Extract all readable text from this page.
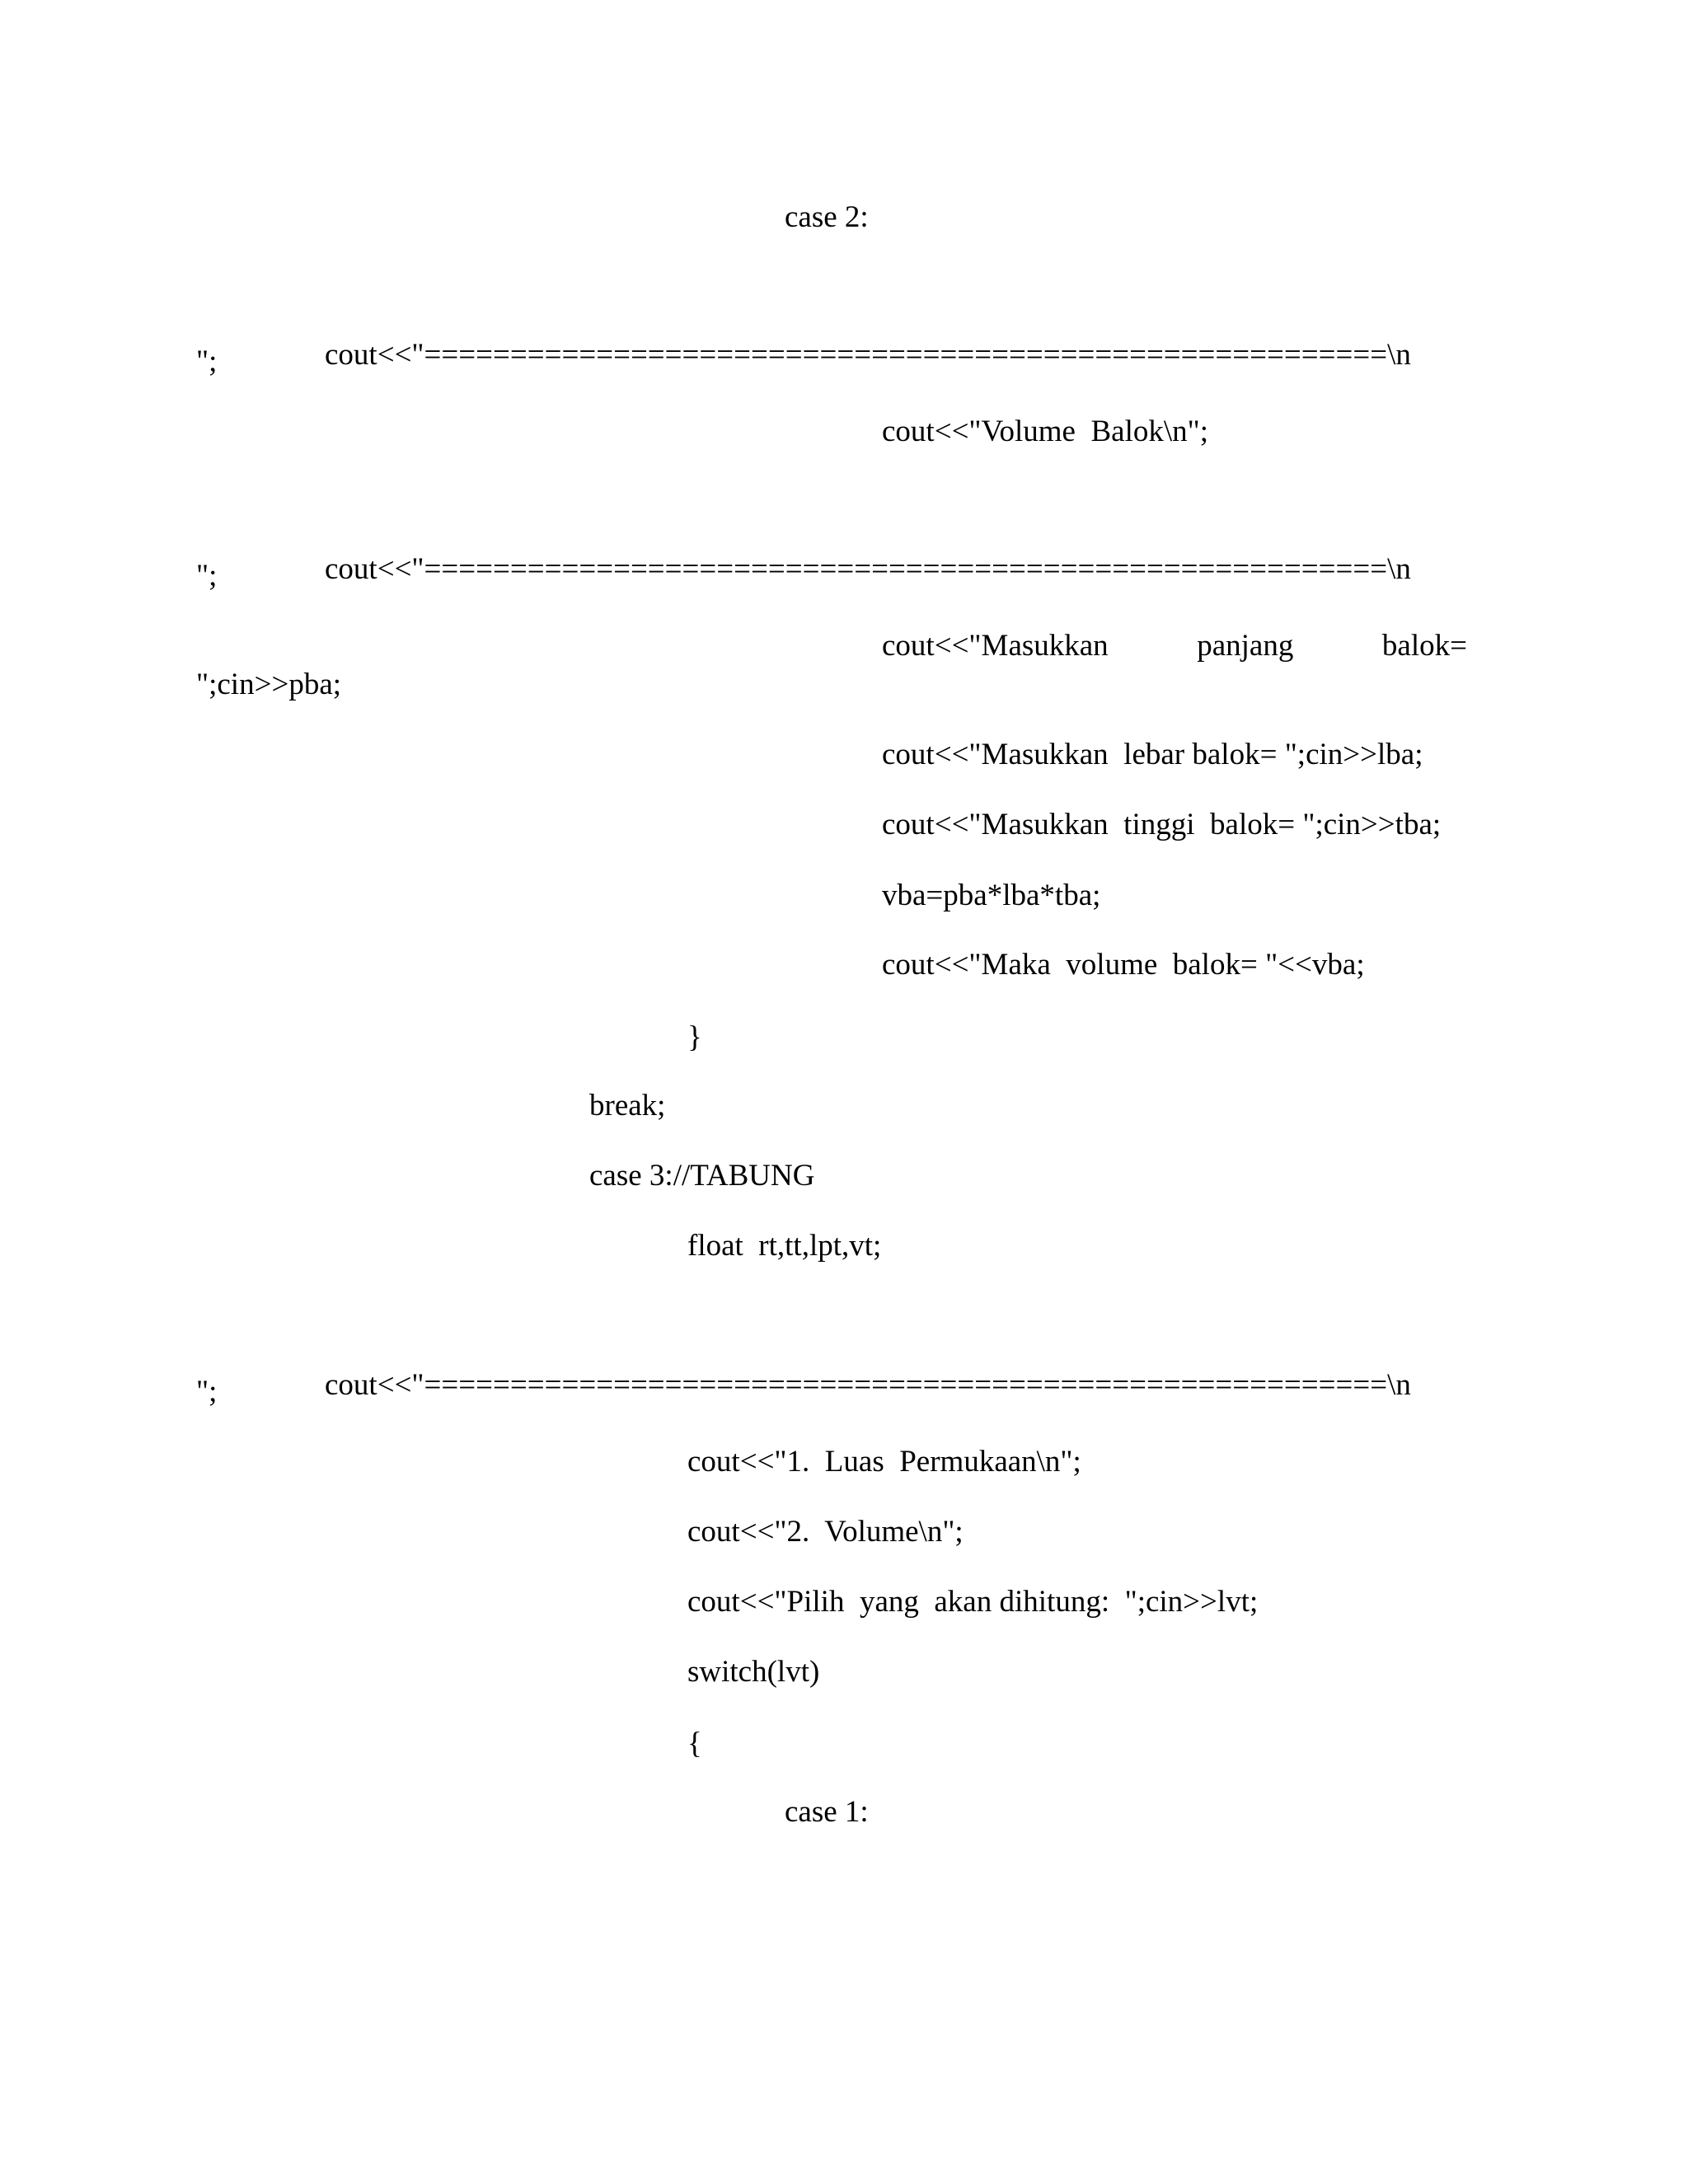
case 2:

cout<<"========================================================\n

";
cout<<"Volume  Balok\n";

cout<<"========================================================\n

";
cout<<"Masukkan	panjang	balok=
";cin>>pba;
cout<<"Masukkan  lebar balok= ";cin>>lba;
cout<<"Masukkan  tinggi  balok= ";cin>>tba;
vba=pba*lba*tba;
cout<<"Maka  volume  balok= "<<vba;
}
break;
case 3://TABUNG
float  rt,tt,lpt,vt;

cout<<"========================================================\n

";
cout<<"1.  Luas  Permukaan\n";
cout<<"2.  Volume\n";
cout<<"Pilih  yang  akan dihitung:  ";cin>>lvt;
switch(lvt)
{
case 1:
